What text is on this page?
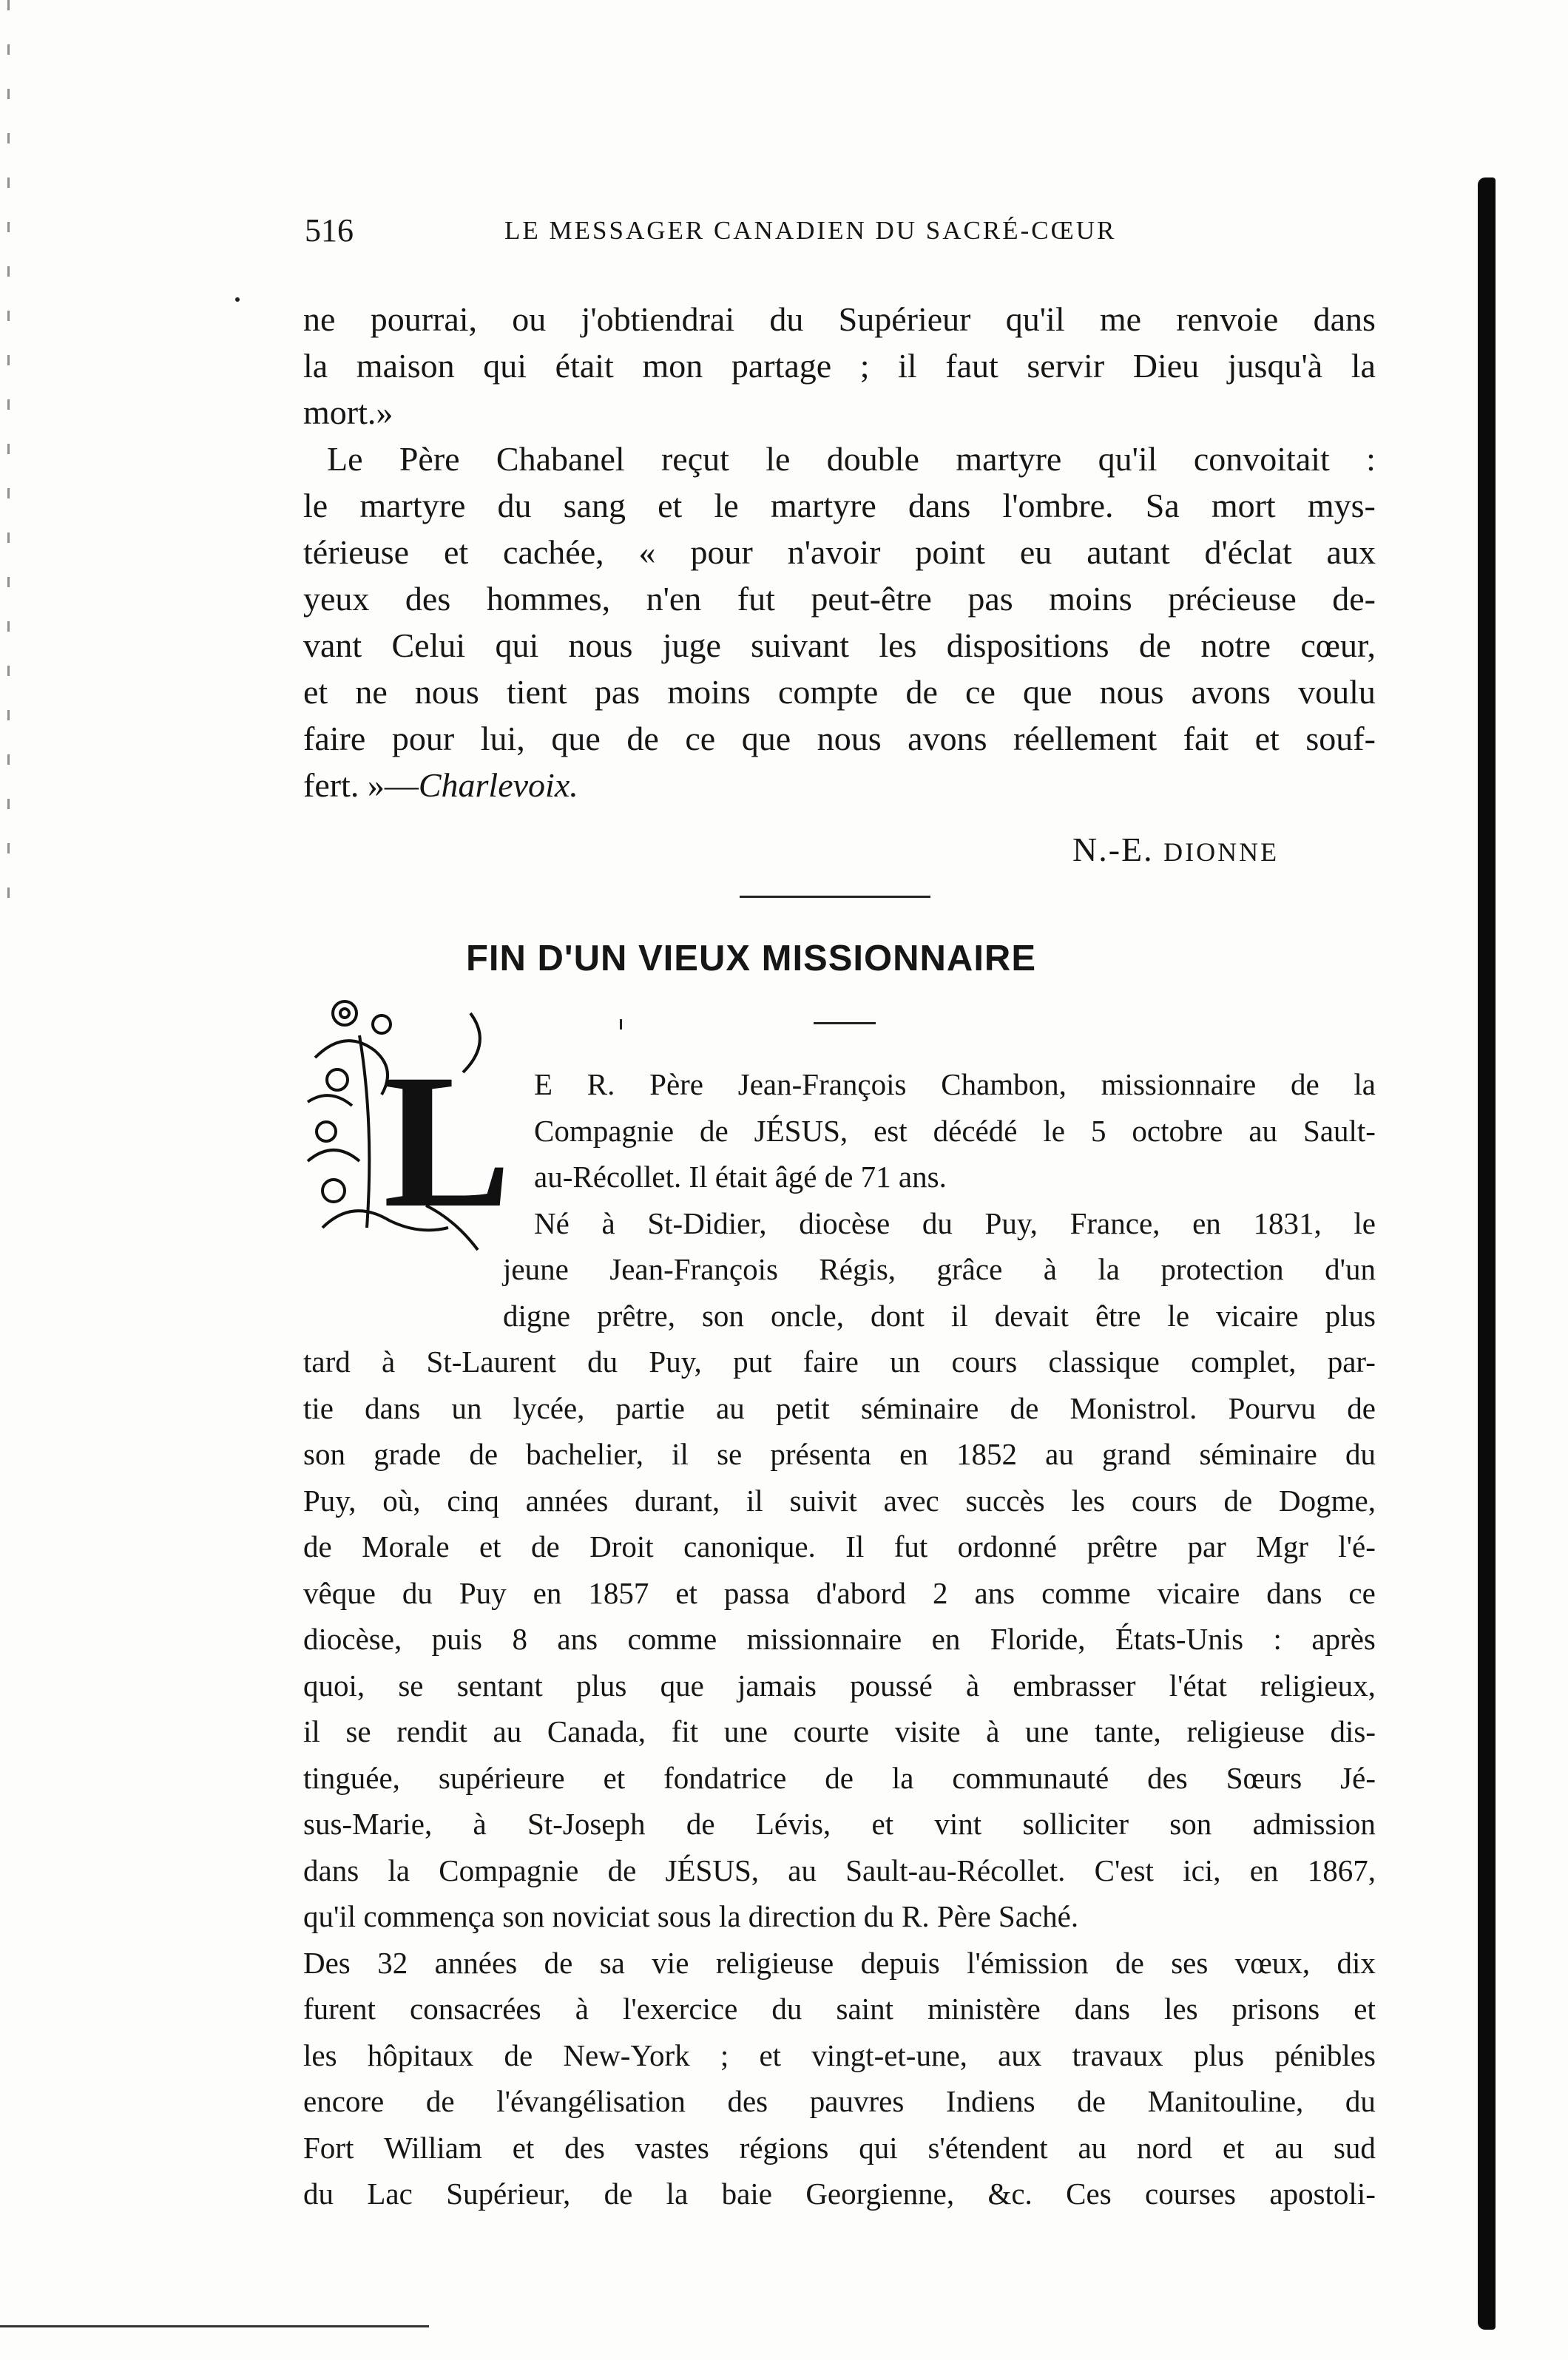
516	LE MESSAGER CANADIEN DU SACRÉ-CŒUR
ne pourrai, ou j'obtiendrai du Supérieur qu'il me renvoie dans
la maison qui était mon partage ; il faut servir Dieu jusqu'à la
mort.»
Le Père Chabanel reçut le double martyre qu'il convoitait :
le martyre du sang et le martyre dans l'ombre. Sa mort mys-
térieuse et cachée, « pour n'avoir point eu autant d'éclat aux
yeux des hommes, n'en fut peut-être pas moins précieuse de-
vant Celui qui nous juge suivant les dispositions de notre cœur,
et ne nous tient pas moins compte de ce que nous avons voulu
faire pour lui, que de ce que nous avons réellement fait et souf-
fert. »— Charlevoix.
N.-E. DIONNE
FIN D'UN VIEUX MISSIONNAIRE
L E R. Père Jean-François Chambon, missionnaire de la
Compagnie de JÉSUS, est décédé le 5 octobre au Sault-
au-Récollet. Il était âgé de 71 ans.
Né à St-Didier, diocèse du Puy, France, en 1831, le
jeune Jean-François Régis, grâce à la protection d'un
digne prêtre, son oncle, dont il devait être le vicaire plus
tard à St-Laurent du Puy, put faire un cours classique complet, par-
tie dans un lycée, partie au petit séminaire de Monistrol. Pourvu de
son grade de bachelier, il se présenta en 1852 au grand séminaire du
Puy, où, cinq années durant, il suivit avec succès les cours de Dogme,
de Morale et de Droit canonique. Il fut ordonné prêtre par Mgr l'é-
vêque du Puy en 1857 et passa d'abord 2 ans comme vicaire dans ce
diocèse, puis 8 ans comme missionnaire en Floride, États-Unis : après
quoi, se sentant plus que jamais poussé à embrasser l'état religieux,
il se rendit au Canada, fit une courte visite à une tante, religieuse dis-
tinguée, supérieure et fondatrice de la communauté des Sœurs Jé-
sus-Marie, à St-Joseph de Lévis, et vint solliciter son admission
dans la Compagnie de JÉSUS, au Sault-au-Récollet. C'est ici, en 1867,
qu'il commença son noviciat sous la direction du R. Père Saché.
Des 32 années de sa vie religieuse depuis l'émission de ses vœux, dix
furent consacrées à l'exercice du saint ministère dans les prisons et
les hôpitaux de New-York ; et vingt-et-une, aux travaux plus pénibles
encore de l'évangélisation des pauvres Indiens de Manitouline, du
Fort William et des vastes régions qui s'étendent au nord et au sud
du Lac Supérieur, de la baie Georgienne, &c. Ces courses apostoli-
